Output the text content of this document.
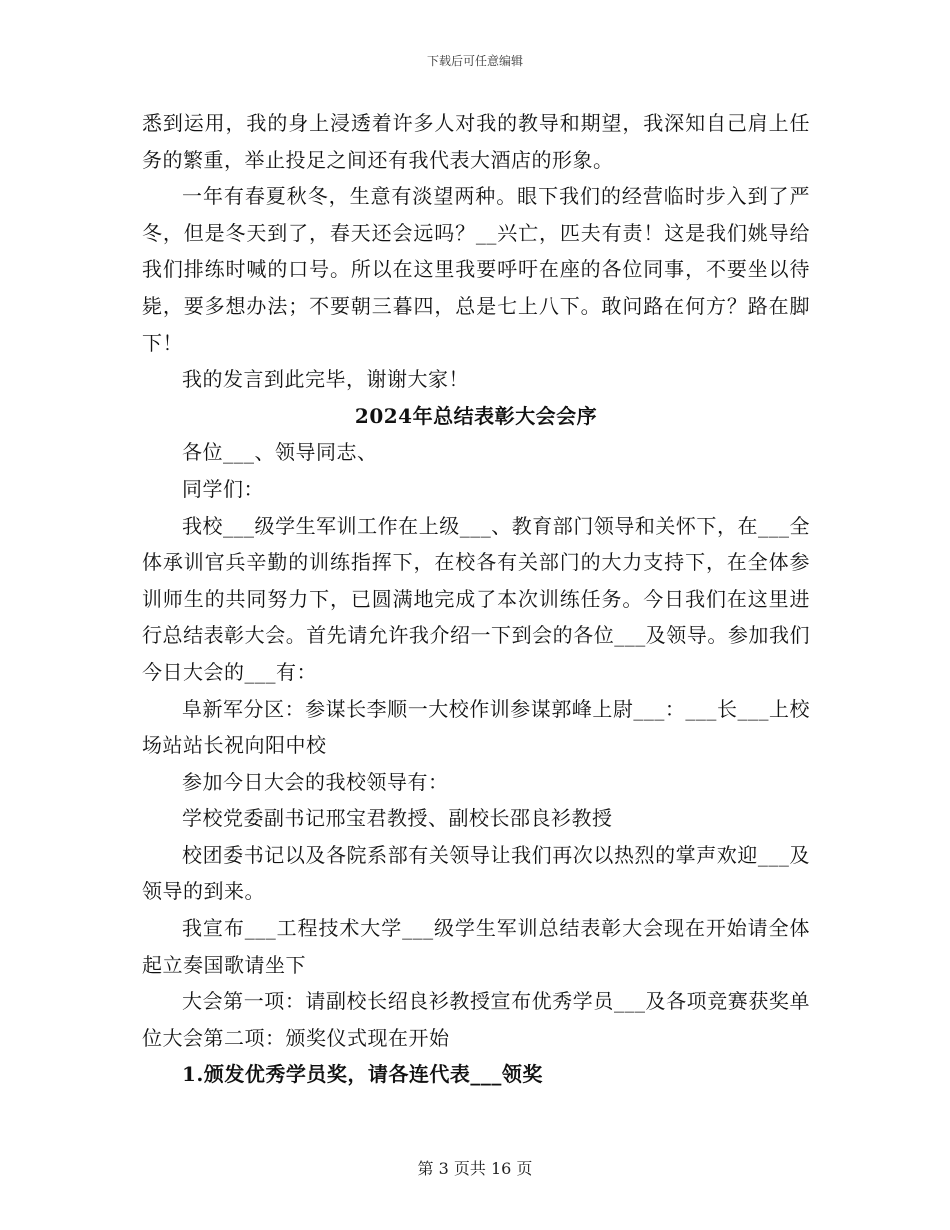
下载后可任意编辑

悉到运用，我的身上浸透着许多人对我的教导和期望，我深知自己肩上任务的繁重，举止投足之间还有我代表大酒店的形象。

一年有春夏秋冬，生意有淡望两种。眼下我们的经营临时步入到了严冬，但是冬天到了，春天还会远吗？__兴亡，匹夫有责！这是我们姚导给我们排练时喊的口号。所以在这里我要呼吁在座的各位同事，不要坐以待毙，要多想办法；不要朝三暮四，总是七上八下。敢问路在何方？路在脚下！

我的发言到此完毕，谢谢大家！

2024年总结表彰大会会序

各位___、领导同志、

同学们：

我校___级学生军训工作在上级___、教育部门领导和关怀下，在___全体承训官兵辛勤的训练指挥下，在校各有关部门的大力支持下，在全体参训师生的共同努力下，已圆满地完成了本次训练任务。今日我们在这里进行总结表彰大会。首先请允许我介绍一下到会的各位___及领导。参加我们今日大会的___有：

阜新军分区：参谋长李顺一大校作训参谋郭峰上尉___：___长___上校场站站长祝向阳中校

参加今日大会的我校领导有：

学校党委副书记邢宝君教授、副校长邵良衫教授

校团委书记以及各院系部有关领导让我们再次以热烈的掌声欢迎___及领导的到来。

我宣布___工程技术大学___级学生军训总结表彰大会现在开始请全体起立奏国歌请坐下

大会第一项：请副校长绍良衫教授宣布优秀学员___及各项竞赛获奖单位大会第二项：颁奖仪式现在开始

1.颁发优秀学员奖，请各连代表___领奖

第 3 页共 16 页
